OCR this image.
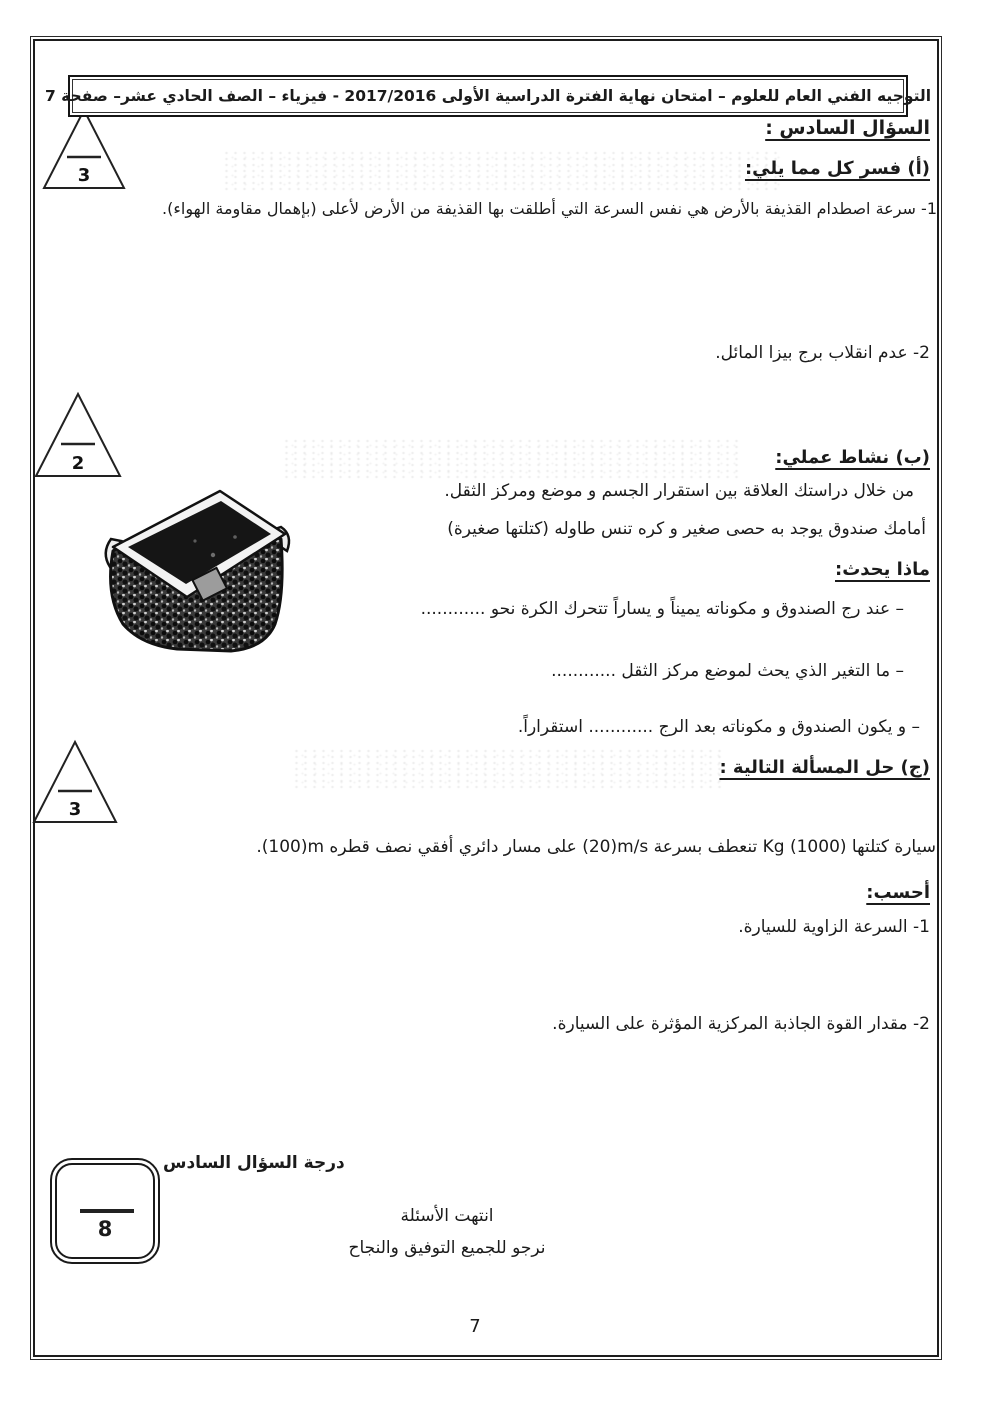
التوجيه الفني العام للعلوم – امتحان نهاية الفترة الدراسية الأولى ⁦2017/2016⁩ - فيزياء – الصف الحادي عشر– صفحة 7
السؤال السادس :
3	(أ) فسر كل مما يلي:
1- سرعة اصطدام القذيفة بالأرض هي نفس السرعة التي أطلقت بها القذيفة من الأرض لأعلى (بإهمال مقاومة الهواء).
2- عدم انقلاب برج بيزا المائل.
2	(ب) نشاط عملي:
من خلال دراستك العلاقة بين استقرار الجسم و موضع ومركز الثقل.
أمامك صندوق يوجد به حصى صغير و كره تنس طاوله (كتلتها صغيرة)
ماذا يحدث:
– عند رج الصندوق و مكوناته يميناً و يساراً تتحرك الكرة نحو ............
– ما التغير الذي يحث لموضع مركز الثقل ............
– و يكون الصندوق و مكوناته بعد الرج ............ استقراراً.
(ج) حل المسألة التالية :
3
سيارة كتلتها ⁦(1000)⁩ ⁦Kg⁩ تنعطف بسرعة ⁦(20)m/s⁩ على مسار دائري أفقي نصف قطره ⁦(100)m⁩.
أحسب:
1- السرعة الزاوية للسيارة.
2- مقدار القوة الجاذبة المركزية المؤثرة على السيارة.
درجة السؤال السادس
8
انتهت الأسئلة
نرجو للجميع التوفيق والنجاح
7
